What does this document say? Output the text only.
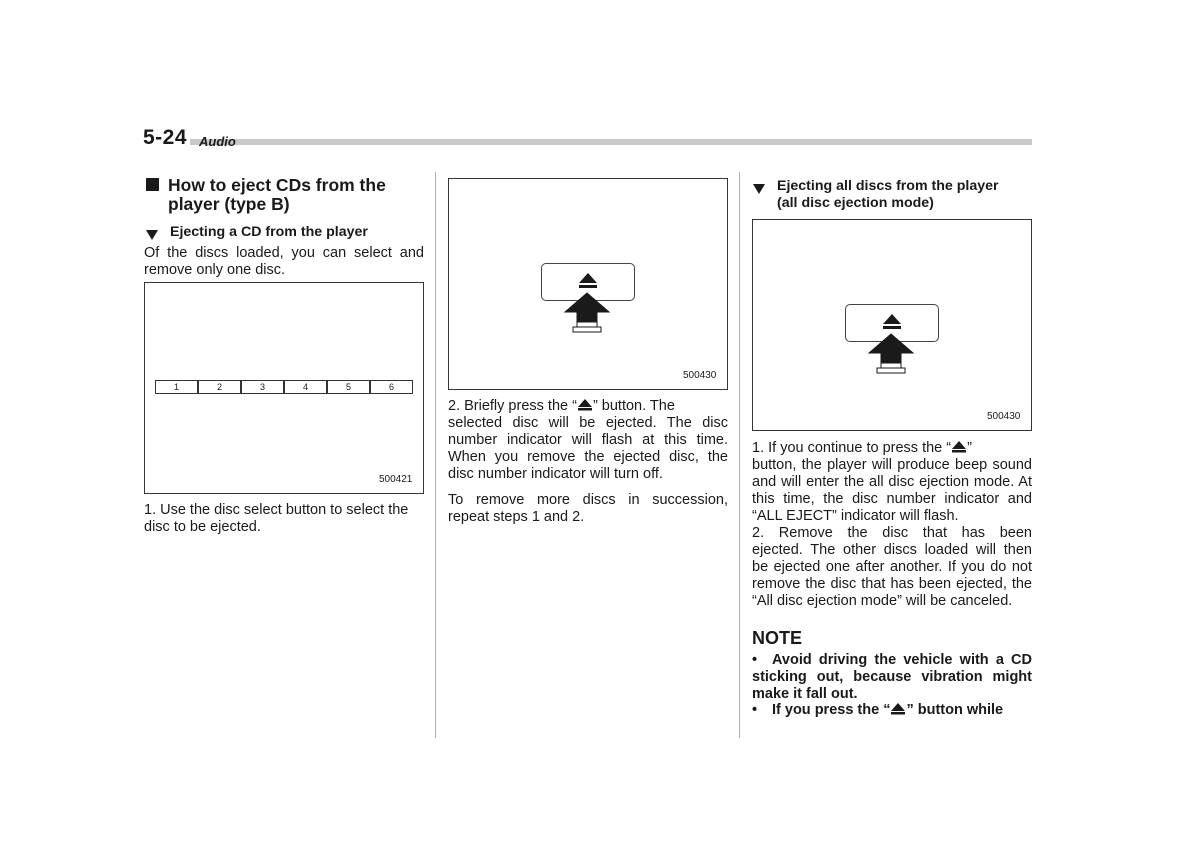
5-24 Audio
How to eject CDs from the
player (type B)
Ejecting a CD from the player
Of the discs loaded, you can select and
remove only one disc.
1	2	3	4	5	6
500421
1. Use the disc select button to select the
disc to be ejected.
500430
2. Briefly press the “ ” button. The
selected disc will be ejected. The disc
number indicator will flash at this time.
When you remove the ejected disc, the
disc number indicator will turn off.
To remove more discs in succession,
repeat steps 1 and 2.
Ejecting all discs from the player
(all disc ejection mode)
500430
1. If you continue to press the “ ”
button, the player will produce beep sound
and will enter the all disc ejection mode. At
this time, the disc number indicator and
“ALL EJECT” indicator will flash.
2. Remove the disc that has been
ejected. The other discs loaded will then
be ejected one after another. If you do not
remove the disc that has been ejected, the
“All disc ejection mode” will be canceled.
NOTE
• Avoid driving the vehicle with a CD
sticking out, because vibration might
make it fall out.
• If you press the “ ” button while
